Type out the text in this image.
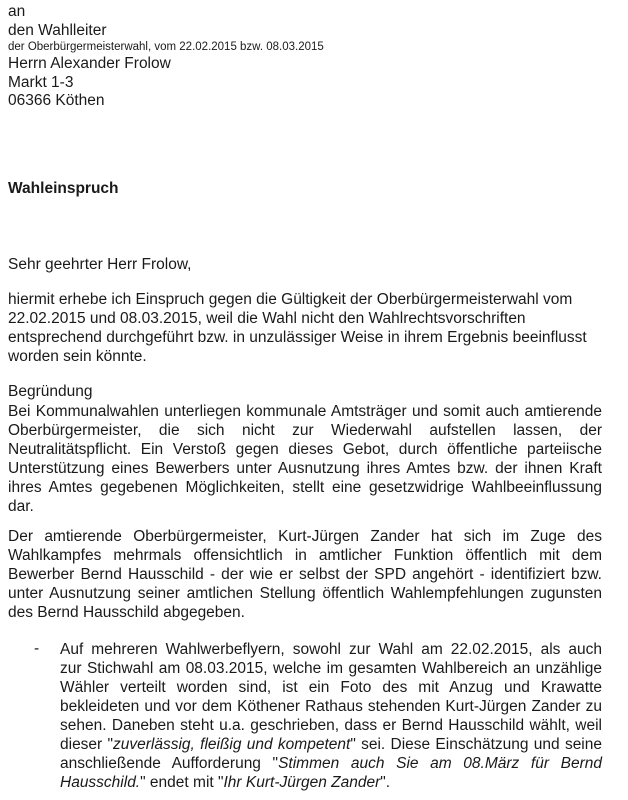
an
den Wahlleiter
der Oberbürgermeisterwahl, vom 22.02.2015 bzw. 08.03.2015
Herrn Alexander Frolow
Markt 1-3
06366 Köthen
Wahleinspruch
Sehr geehrter Herr Frolow,
hiermit erhebe ich Einspruch gegen die Gültigkeit der Oberbürgermeisterwahl vom 22.02.2015 und 08.03.2015, weil die Wahl nicht den Wahlrechtsvorschriften entsprechend durchgeführt bzw. in unzulässiger Weise in ihrem Ergebnis beeinflusst worden sein könnte.
Begründung
Bei Kommunalwahlen unterliegen kommunale Amtsträger und somit auch amtierende Oberbürgermeister, die sich nicht zur Wiederwahl aufstellen lassen, der Neutralitätspflicht. Ein Verstoß gegen dieses Gebot, durch öffentliche parteiische Unterstützung eines Bewerbers unter Ausnutzung ihres Amtes bzw. der ihnen Kraft ihres Amtes gegebenen Möglichkeiten, stellt eine gesetzwidrige Wahlbeeinflussung dar.
Der amtierende Oberbürgermeister, Kurt-Jürgen Zander hat sich im Zuge des Wahlkampfes mehrmals offensichtlich in amtlicher Funktion öffentlich mit dem Bewerber Bernd Hausschild - der wie er selbst der SPD angehört - identifiziert bzw. unter Ausnutzung seiner amtlichen Stellung öffentlich Wahlempfehlungen zugunsten des Bernd Hausschild abgegeben.
- Auf mehreren Wahlwerbeflyern, sowohl zur Wahl am 22.02.2015, als auch
zur Stichwahl am 08.03.2015, welche im gesamten Wahlbereich an unzählige
Wähler verteilt worden sind, ist ein Foto des mit Anzug und Krawatte
bekleideten und vor dem Köthener Rathaus stehenden Kurt-Jürgen Zander zu
sehen. Daneben steht u.a. geschrieben, dass er Bernd Hausschild wählt, weil
dieser "zuverlässig, fleißig und kompetent" sei. Diese Einschätzung und seine
anschließende Aufforderung "Stimmen auch Sie am 08.März für Bernd
Hausschild." endet mit "Ihr Kurt-Jürgen Zander".
